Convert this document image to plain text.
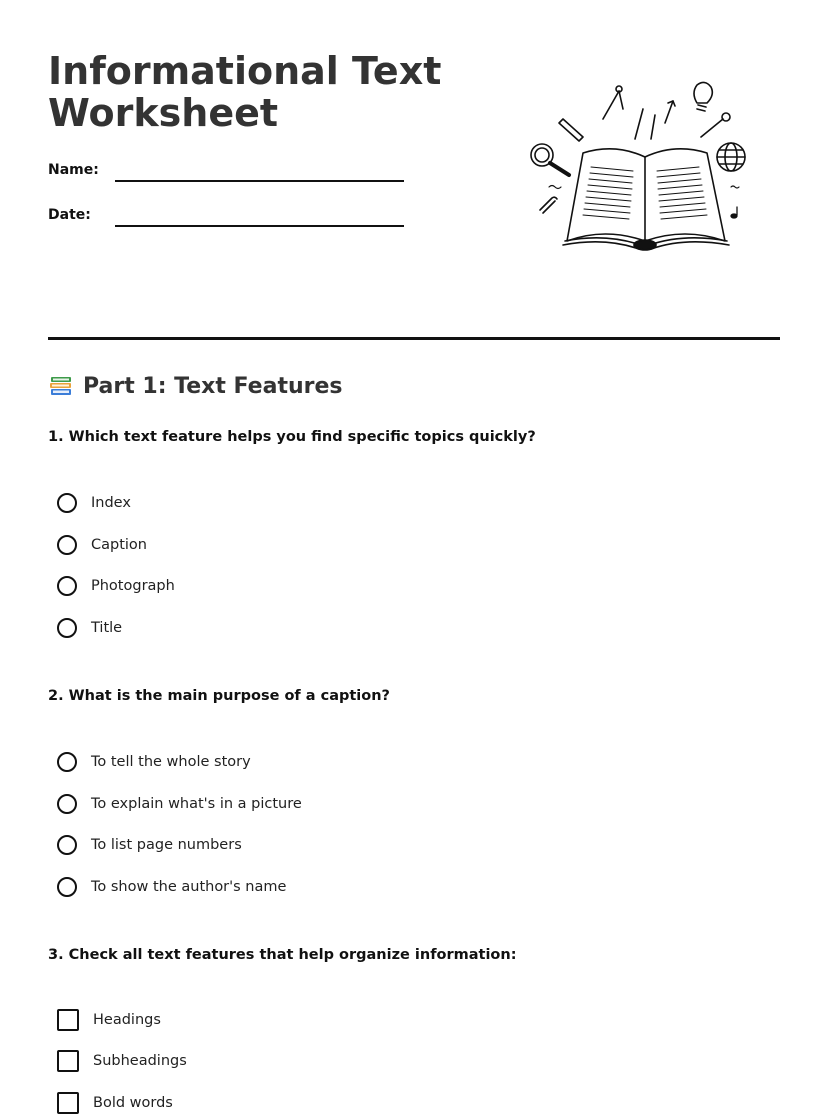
Informational Text
Worksheet
Name:
Date:
Part 1: Text Features

1. Which text feature helps you find specific topics quickly?

Index
Caption
Photograph
Title

2. What is the main purpose of a caption?

To tell the whole story
To explain what's in a picture
To list page numbers
To show the author's name

3. Check all text features that help organize information:

Headings
Subheadings
Bold words
